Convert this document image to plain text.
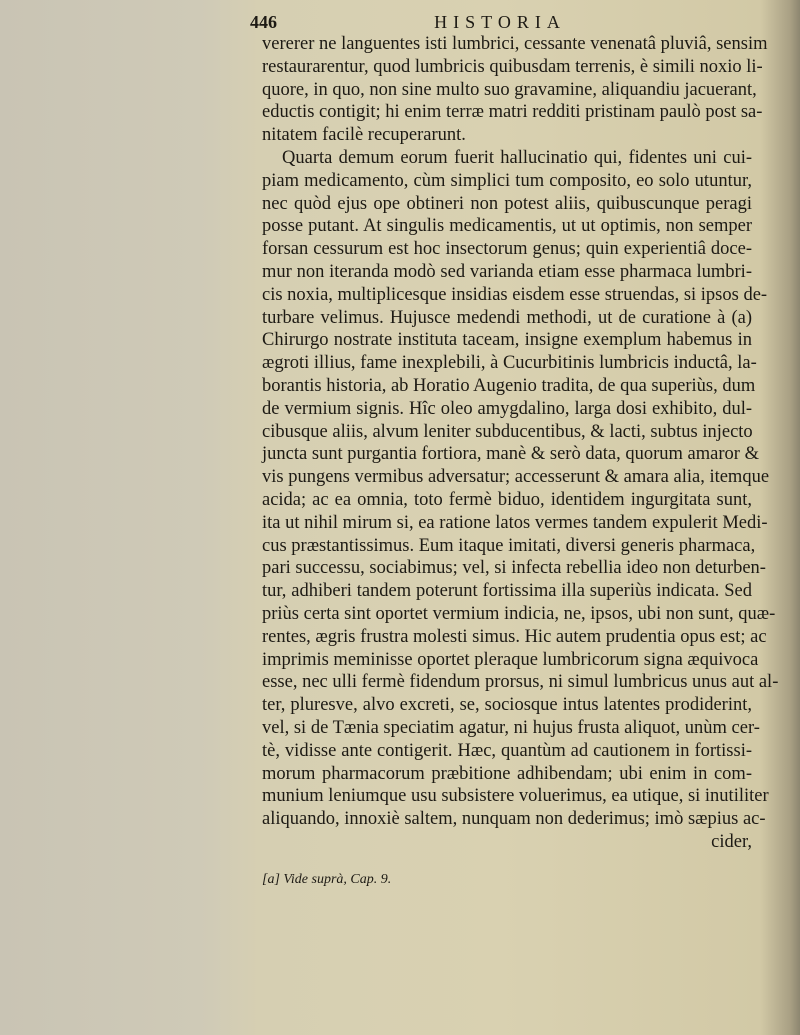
446	HISTORIA
vererer ne languentes isti lumbrici, cessante venenatâ pluviâ, sensim
restaurarentur, quod lumbricis quibusdam terrenis, è simili noxio li-
quore, in quo, non sine multo suo gravamine, aliquandiu jacuerant,
eductis contigit; hi enim terræ matri redditi pristinam paulò post sa-
nitatem facilè recuperarunt.
Quarta demum eorum fuerit hallucinatio qui, fidentes uni cui-
piam medicamento, cùm simplici tum composito, eo solo utuntur,
nec quòd ejus ope obtineri non potest aliis, quibuscunque peragi
posse putant. At singulis medicamentis, ut ut optimis, non semper
forsan cessurum est hoc insectorum genus; quin experientiâ doce-
mur non iteranda modò sed varianda etiam esse pharmaca lumbri-
cis noxia, multiplicesque insidias eisdem esse struendas, si ipsos de-
turbare velimus. Hujusce medendi methodi, ut de curatione à (a)
Chirurgo nostrate instituta taceam, insigne exemplum habemus in
ægroti illius, fame inexplebili, à Cucurbitinis lumbricis inductâ, la-
borantis historia, ab Horatio Augenio tradita, de qua superiùs, dum
de vermium signis. Hîc oleo amygdalino, larga dosi exhibito, dul-
cibusque aliis, alvum leniter subducentibus, & lacti, subtus injecto
juncta sunt purgantia fortiora, manè & serò data, quorum amaror &
vis pungens vermibus adversatur; accesserunt & amara alia, itemque
acida; ac ea omnia, toto fermè biduo, identidem ingurgitata sunt,
ita ut nihil mirum si, ea ratione latos vermes tandem expulerit Medi-
cus præstantissimus. Eum itaque imitati, diversi generis pharmaca,
pari successu, sociabimus; vel, si infecta rebellia ideo non deturben-
tur, adhiberi tandem poterunt fortissima illa superiùs indicata. Sed
priùs certa sint oportet vermium indicia, ne, ipsos, ubi non sunt, quæ-
rentes, ægris frustra molesti simus. Hic autem prudentia opus est; ac
imprimis meminisse oportet pleraque lumbricorum signa æquivoca
esse, nec ulli fermè fidendum prorsus, ni simul lumbricus unus aut al-
ter, pluresve, alvo excreti, se, sociosque intus latentes prodiderint,
vel, si de Tænia speciatim agatur, ni hujus frusta aliquot, unùm cer-
tè, vidisse ante contigerit. Hæc, quantùm ad cautionem in fortissi-
morum pharmacorum præbitione adhibendam; ubi enim in com-
munium leniumque usu subsistere voluerimus, ea utique, si inutiliter
aliquando, innoxiè saltem, nunquam non dederimus; imò sæpius ac-
cider,
[a] Vide suprà, Cap. 9.
